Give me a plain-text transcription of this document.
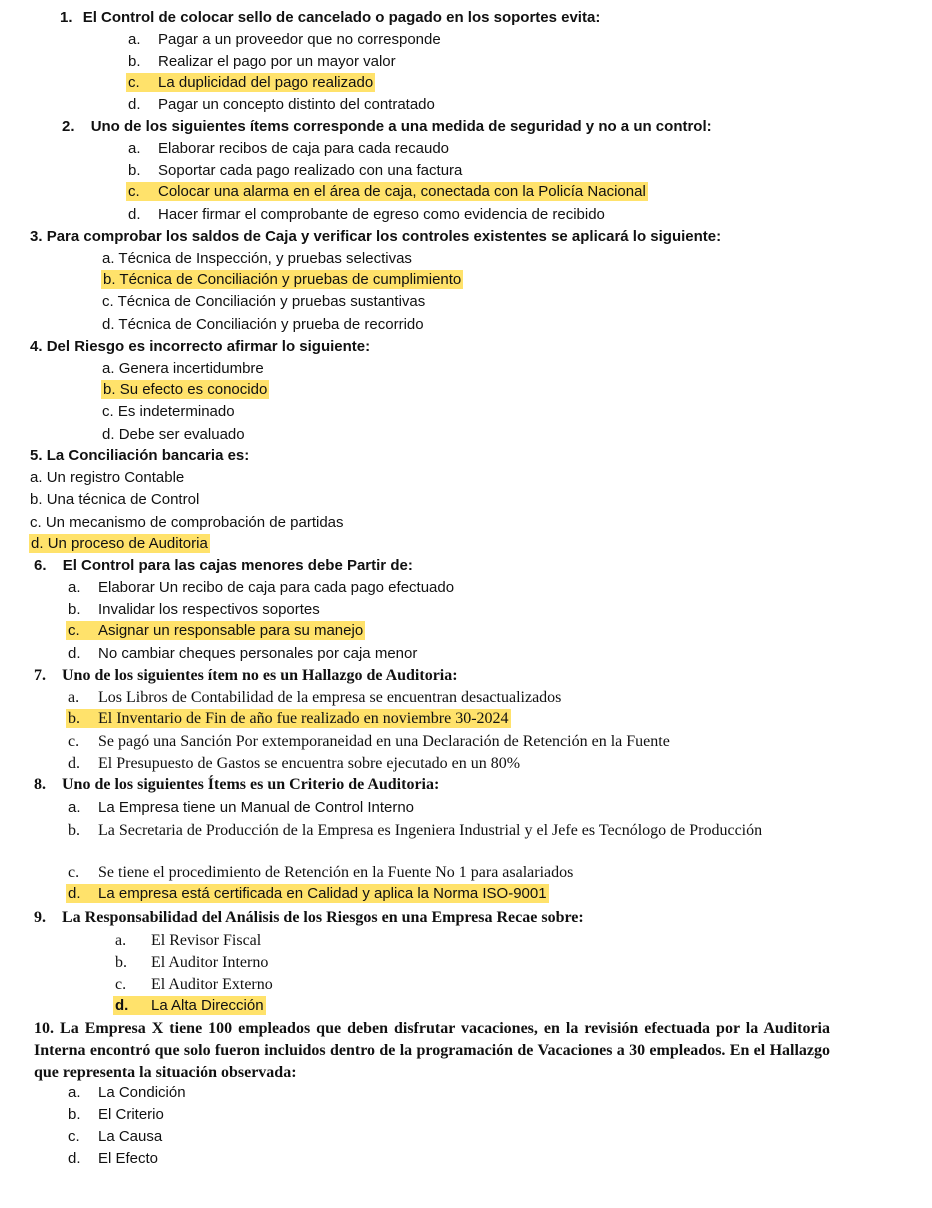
1. El Control de colocar sello de cancelado o pagado en los soportes evita:
a. Pagar a un proveedor que no corresponde
b. Realizar el pago por un mayor valor
c. La duplicidad del pago realizado
d. Pagar un concepto distinto del contratado
2. Uno de los siguientes ítems corresponde a una medida de seguridad y no a un control:
a. Elaborar recibos de caja para cada recaudo
b. Soportar cada pago realizado con una factura
c. Colocar una alarma en el área de caja, conectada con la Policía Nacional
d. Hacer firmar el comprobante de egreso como evidencia de recibido
3. Para comprobar los saldos de Caja y verificar los controles existentes se aplicará lo siguiente:
a. Técnica de Inspección, y pruebas selectivas
b. Técnica de Conciliación y pruebas de cumplimiento
c. Técnica de Conciliación y pruebas sustantivas
d. Técnica de Conciliación y prueba de recorrido
4. Del Riesgo es incorrecto afirmar lo siguiente:
a. Genera incertidumbre
b. Su efecto es conocido
c. Es indeterminado
d. Debe ser evaluado
5. La Conciliación bancaria es:
a. Un registro Contable
b. Una técnica de Control
c. Un mecanismo de comprobación de partidas
d. Un proceso de Auditoria
6. El Control para las cajas menores debe Partir de:
a. Elaborar Un recibo de caja para cada pago efectuado
b. Invalidar los respectivos soportes
c. Asignar un responsable para su manejo
d. No cambiar cheques personales por caja menor
7. Uno de los siguientes ítem no es un Hallazgo de Auditoria:
a. Los Libros de Contabilidad de la empresa se encuentran desactualizados
b. El Inventario de Fin de año fue realizado en noviembre 30-2024
c. Se pagó una Sanción Por extemporaneidad en una Declaración de Retención en la Fuente
d. El Presupuesto de Gastos se encuentra sobre ejecutado en un 80%
8. Uno de los siguientes Ítems es un Criterio de Auditoria:
a. La Empresa tiene un Manual de Control Interno
b. La Secretaria de Producción de la Empresa es Ingeniera Industrial y el Jefe es Tecnólogo de Producción
c. Se tiene el procedimiento de Retención en la Fuente No 1 para asalariados
d. La empresa está certificada en Calidad y aplica la Norma ISO-9001
9. La Responsabilidad del Análisis de los Riesgos en una Empresa Recae sobre:
a. El Revisor Fiscal
b. El Auditor Interno
c. El Auditor Externo
d. La Alta Dirección
10. La Empresa X tiene 100 empleados que deben disfrutar vacaciones, en la revisión efectuada por la Auditoria Interna encontró que solo fueron incluidos dentro de la programación de Vacaciones a 30 empleados. En el Hallazgo que representa la situación observada:
a. La Condición
b. El Criterio
c. La Causa
d. El Efecto
